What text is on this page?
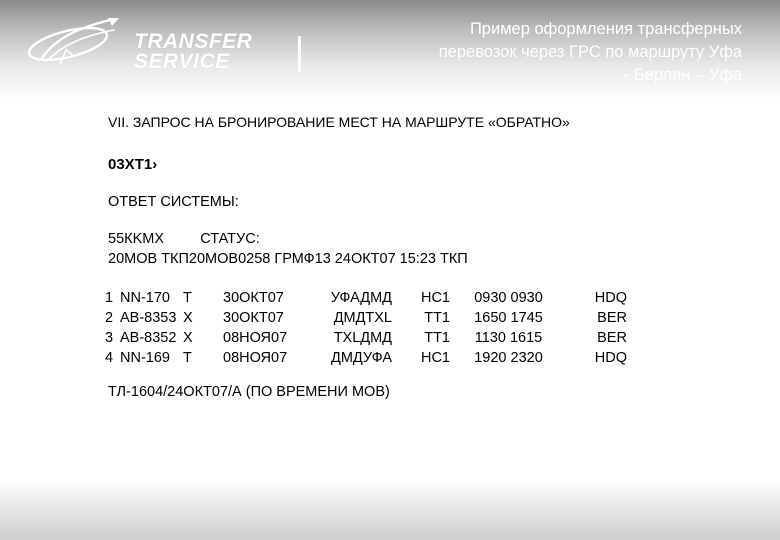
TRANSFER
SERVICE
Domodedovo
Пример оформления трансферных
перевозок через ГРС по маршруту Уфа
- Берлин – Уфа
VII. ЗАПРОС НА БРОНИРОВАНИЕ МЕСТ НА МАРШРУТЕ «ОБРАТНО»
03ХТ1›
ОТВЕТ СИСТЕМЫ:
55КKМХ         СТАТУС:
20МОВ ТКП20МОВ0258 ГРМФ13 24ОКТ07 15:23 ТКП
1	NN-170	T	30ОКТ07	УФАДМД	HC1	0930 0930	HDQ
2	AB-8353	X	30ОКТ07	ДМДТXL	TT1	1650 1745	BER
3	AB-8352	X	08НОЯ07	TXLДМД	TT1	1130 1615	BER
4	NN-169	T	08НОЯ07	ДМДУФА	HC1	1920 2320	HDQ
ТЛ-1604/24ОКТ07/А (ПО ВРЕМЕНИ МОВ)
